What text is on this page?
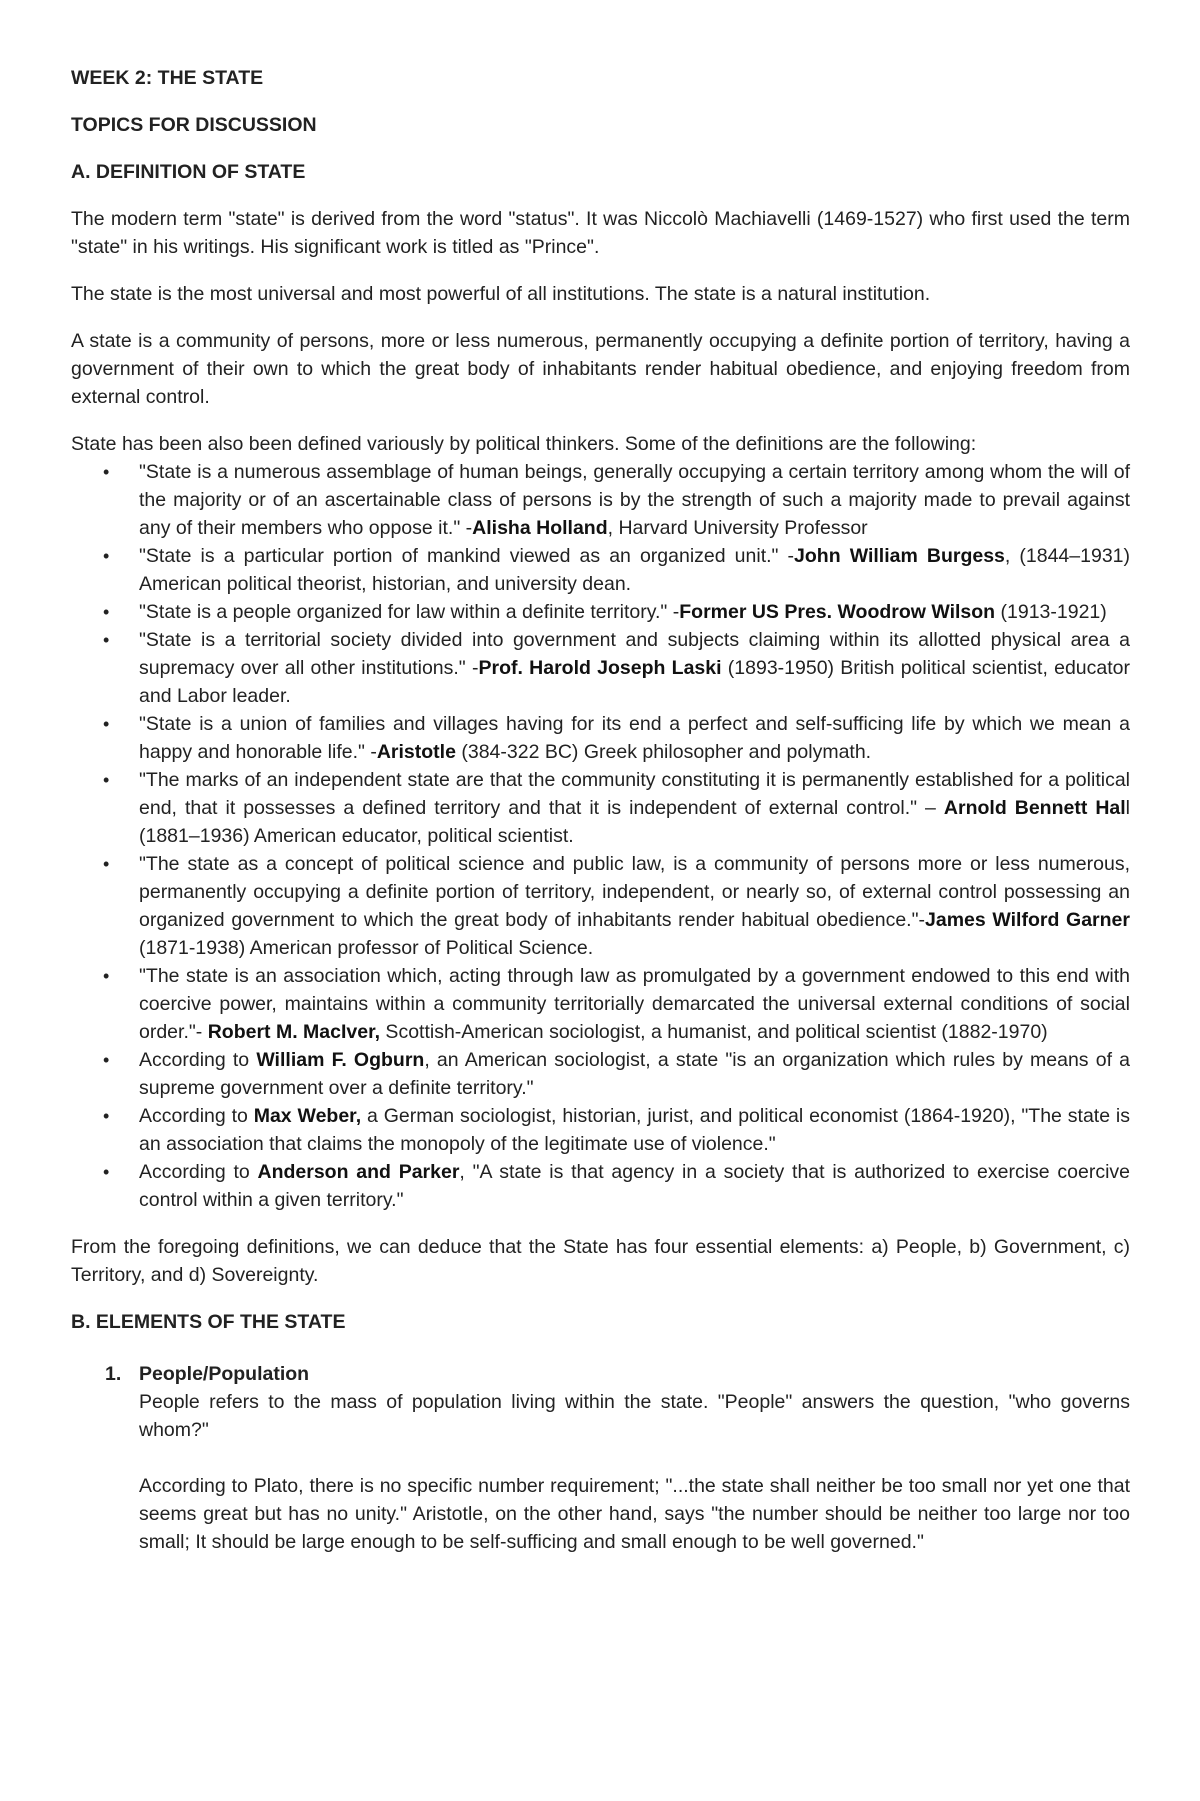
WEEK 2: THE STATE

TOPICS FOR DISCUSSION

A. DEFINITION OF STATE

The modern term "state" is derived from the word "status". It was Niccolò Machiavelli (1469-1527) who first used the term "state" in his writings. His significant work is titled as "Prince".

The state is the most universal and most powerful of all institutions. The state is a natural institution.

A state is a community of persons, more or less numerous, permanently occupying a definite portion of territory, having a government of their own to which the great body of inhabitants render habitual obedience, and enjoying freedom from external control.

State has been also been defined variously by political thinkers. Some of the definitions are the following:

• "State is a numerous assemblage of human beings, generally occupying a certain territory among whom the will of the majority or of an ascertainable class of persons is by the strength of such a majority made to prevail against any of their members who oppose it." -Alisha Holland, Harvard University Professor
• "State is a particular portion of mankind viewed as an organized unit." -John William Burgess, (1844–1931) American political theorist, historian, and university dean.
• "State is a people organized for law within a definite territory." -Former US Pres. Woodrow Wilson (1913-1921)
• "State is a territorial society divided into government and subjects claiming within its allotted physical area a supremacy over all other institutions." -Prof. Harold Joseph Laski (1893-1950) British political scientist, educator and Labor leader.
• "State is a union of families and villages having for its end a perfect and self-sufficing life by which we mean a happy and honorable life." -Aristotle (384-322 BC) Greek philosopher and polymath.
• "The marks of an independent state are that the community constituting it is permanently established for a political end, that it possesses a defined territory and that it is independent of external control." – Arnold Bennett Hall (1881–1936) American educator, political scientist.
• "The state as a concept of political science and public law, is a community of persons more or less numerous, permanently occupying a definite portion of territory, independent, or nearly so, of external control possessing an organized government to which the great body of inhabitants render habitual obedience."-James Wilford Garner (1871-1938) American professor of Political Science.
• "The state is an association which, acting through law as promulgated by a government endowed to this end with coercive power, maintains within a community territorially demarcated the universal external conditions of social order."- Robert M. MacIver, Scottish-American sociologist, a humanist, and political scientist (1882-1970)
• According to William F. Ogburn, an American sociologist, a state "is an organization which rules by means of a supreme government over a definite territory."
• According to Max Weber, a German sociologist, historian, jurist, and political economist (1864-1920), "The state is an association that claims the monopoly of the legitimate use of violence."
• According to Anderson and Parker, "A state is that agency in a society that is authorized to exercise coercive control within a given territory."

From the foregoing definitions, we can deduce that the State has four essential elements: a) People, b) Government, c) Territory, and d) Sovereignty.

B. ELEMENTS OF THE STATE

1. People/Population

People refers to the mass of population living within the state. "People" answers the question, "who governs whom?"

According to Plato, there is no specific number requirement; "...the state shall neither be too small nor yet one that seems great but has no unity." Aristotle, on the other hand, says "the number should be neither too large nor too small; It should be large enough to be self-sufficing and small enough to be well governed."
